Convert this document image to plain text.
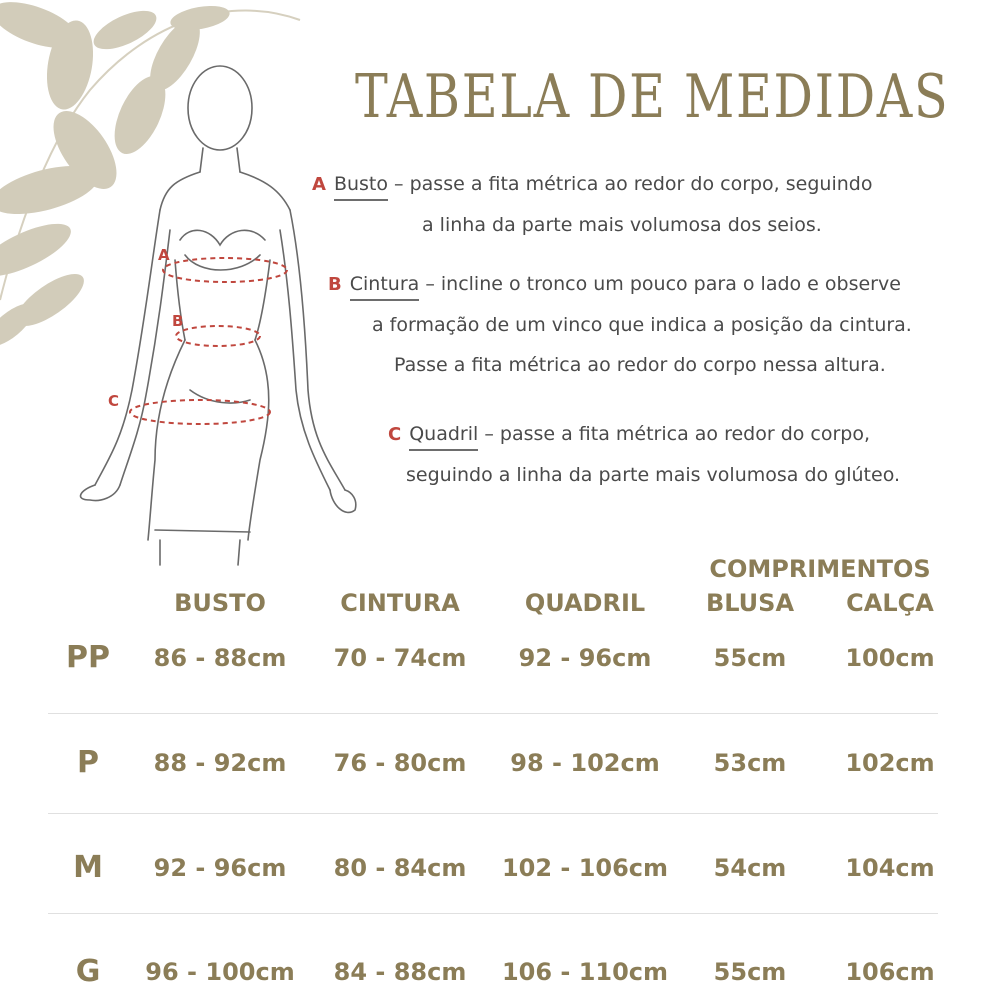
A
B
C
TABELA DE MEDIDAS
A Busto – passe a fita métrica ao redor do corpo, seguindo
a linha da parte mais volumosa dos seios.
B Cintura – incline o tronco um pouco para o lado e observe
a formação de um vinco que indica a posição da cintura.
Passe a fita métrica ao redor do corpo nessa altura.
C Quadril – passe a fita métrica ao redor do corpo,
seguindo a linha da parte mais volumosa do glúteo.
COMPRIMENTOS
BUSTO	CINTURA	QUADRIL	BLUSA	CALÇA
PP	86 - 88cm	70 - 74cm	92 - 96cm	55cm	100cm
P	88 - 92cm	76 - 80cm	98 - 102cm	53cm	102cm
M	92 - 96cm	80 - 84cm	102 - 106cm	54cm	104cm
G	96 - 100cm	84 - 88cm	106 - 110cm	55cm	106cm
